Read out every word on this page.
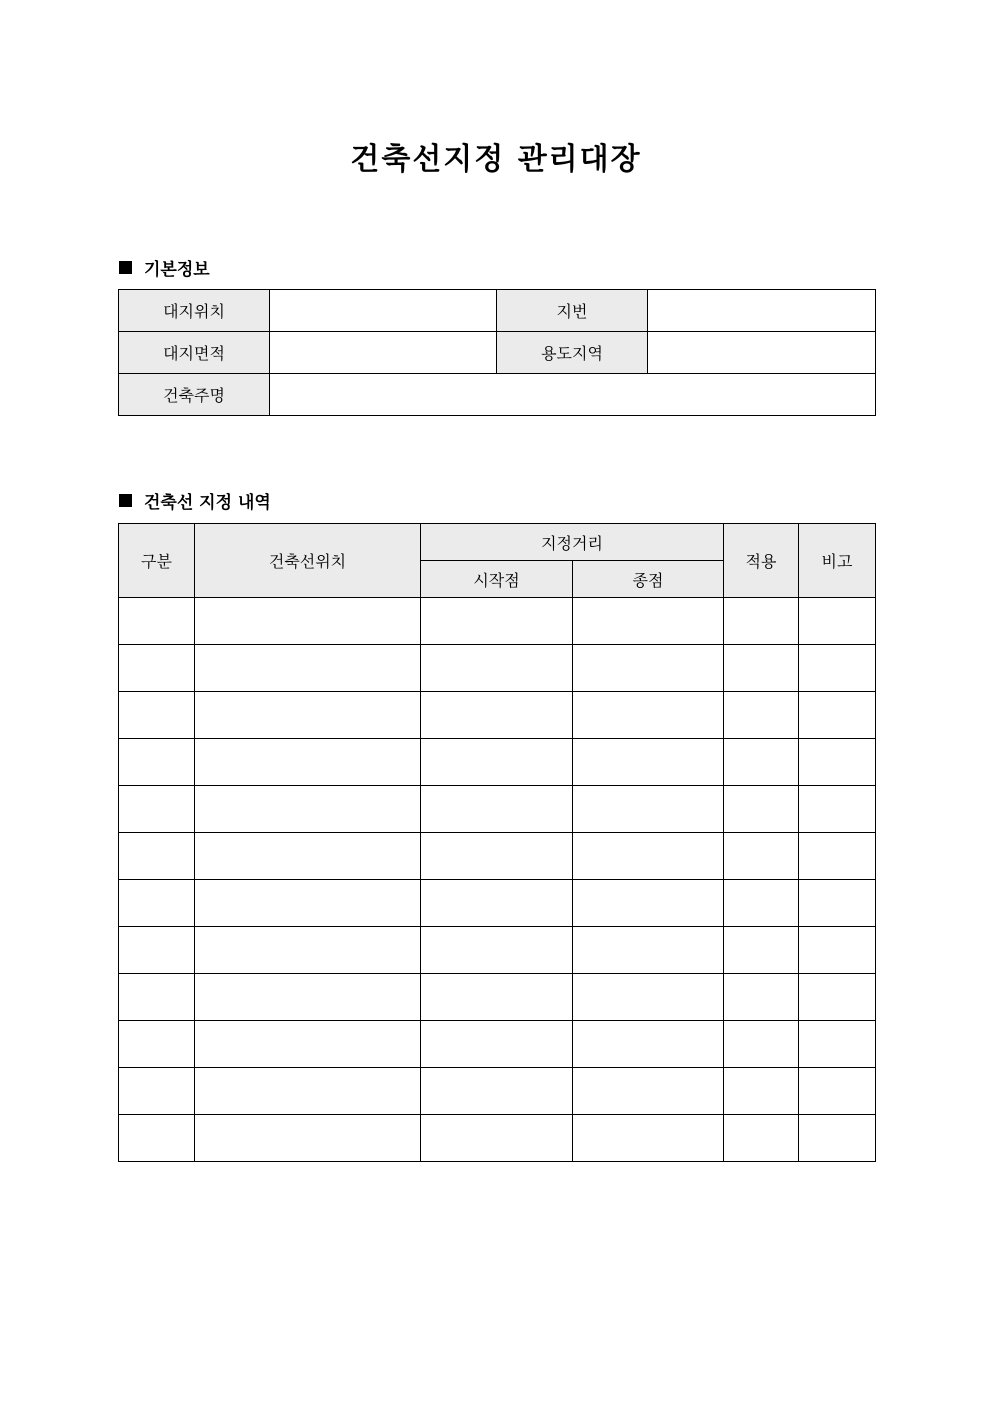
건축선지정 관리대장
기본정보
대지위치		지번	
대지면적		용도지역	
건축주명			
건축선 지정 내역
구분	건축선위치	지정거리		적용	비고
		시작점	종점		
